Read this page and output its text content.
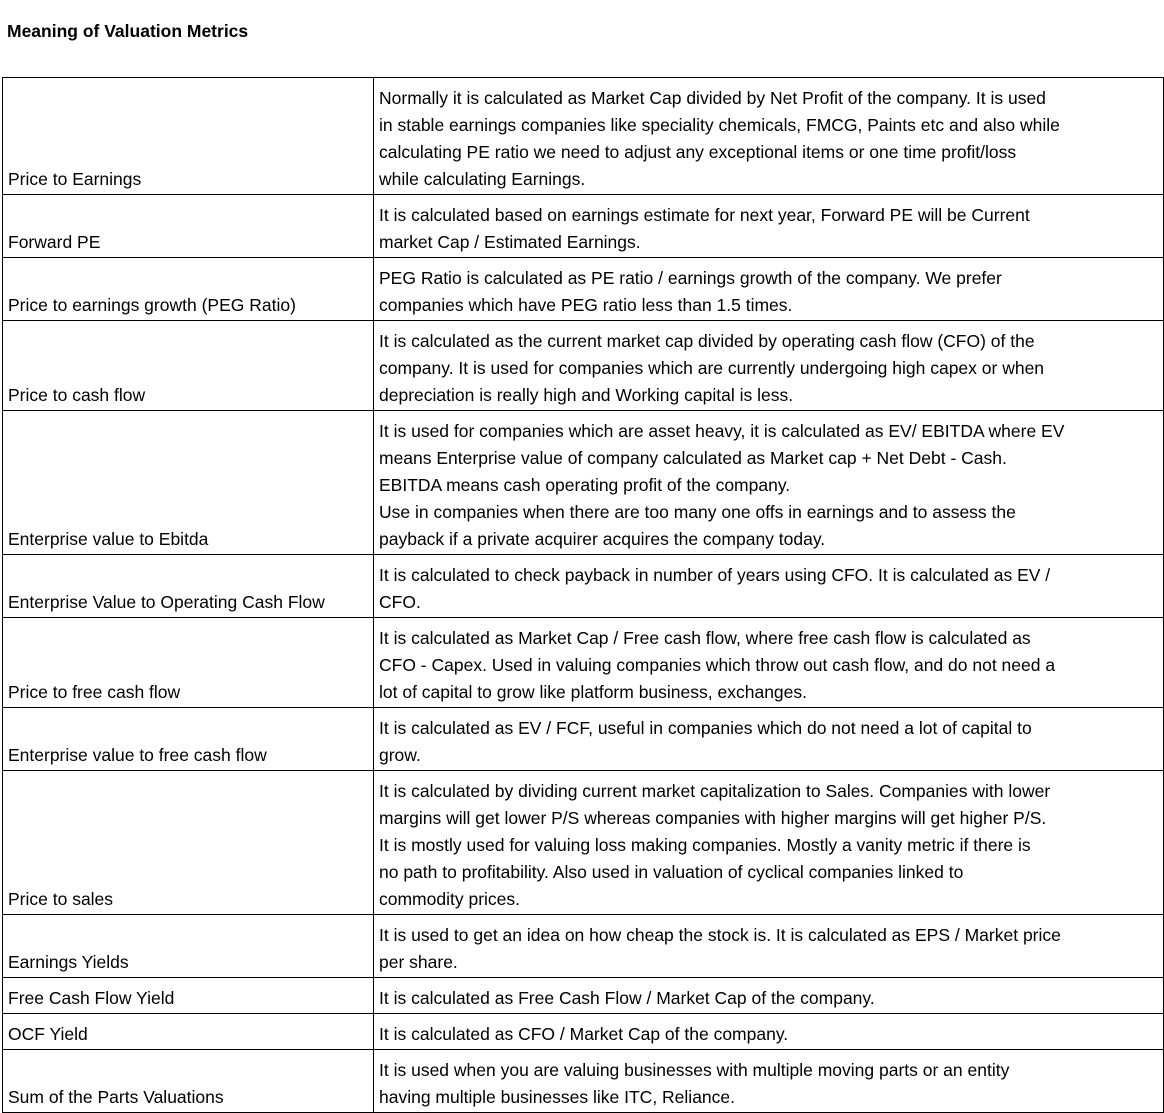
Meaning of Valuation Metrics
Price to Earnings	Normally it is calculated as Market Cap divided by Net Profit of the company. It is used
in stable earnings companies like speciality chemicals, FMCG, Paints etc and also while
calculating PE ratio we need to adjust any exceptional items or one time profit/loss
while calculating Earnings.

Forward PE	It is calculated based on earnings estimate for next year, Forward PE will be Current
market Cap / Estimated Earnings.

Price to earnings growth (PEG Ratio)	PEG Ratio is calculated as PE ratio / earnings growth of the company. We prefer
companies which have PEG ratio less than 1.5 times.

Price to cash flow	It is calculated as the current market cap divided by operating cash flow (CFO) of the
company. It is used for companies which are currently undergoing high capex or when
depreciation is really high and Working capital is less.

Enterprise value to Ebitda	It is used for companies which are asset heavy, it is calculated as EV/ EBITDA where EV
means Enterprise value of company calculated as Market cap + Net Debt - Cash.
EBITDA means cash operating profit of the company.
Use in companies when there are too many one offs in earnings and to assess the
payback if a private acquirer acquires the company today.

Enterprise Value to Operating Cash Flow	It is calculated to check payback in number of years using CFO. It is calculated as EV /
CFO.

Price to free cash flow	It is calculated as Market Cap / Free cash flow, where free cash flow is calculated as
CFO - Capex. Used in valuing companies which throw out cash flow, and do not need a
lot of capital to grow like platform business, exchanges.

Enterprise value to free cash flow	It is calculated as EV / FCF, useful in companies which do not need a lot of capital to
grow.

Price to sales	It is calculated by dividing current market capitalization to Sales. Companies with lower
margins will get lower P/S whereas companies with higher margins will get higher P/S.
It is mostly used for valuing loss making companies. Mostly a vanity metric if there is
no path to profitability. Also used in valuation of cyclical companies linked to
commodity prices.

Earnings Yields	It is used to get an idea on how cheap the stock is. It is calculated as EPS / Market price
per share.

Free Cash Flow Yield	It is calculated as Free Cash Flow / Market Cap of the company.

OCF Yield	It is calculated as CFO / Market Cap of the company.

Sum of the Parts Valuations	It is used when you are valuing businesses with multiple moving parts or an entity
having multiple businesses like ITC, Reliance.
